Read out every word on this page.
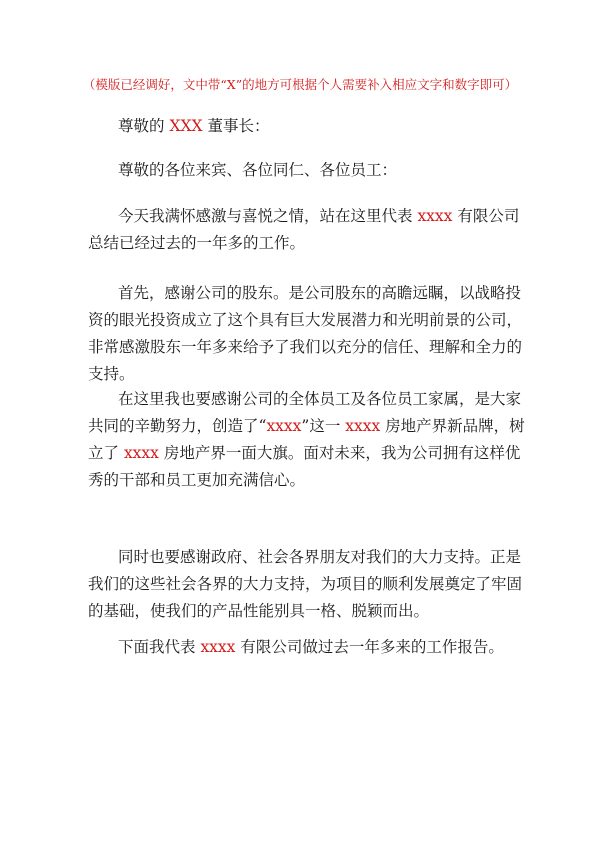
（模版已经调好，文中带“X”的地方可根据个人需要补入相应文字和数字即可）

尊敬的 XXX 董事长：

尊敬的各位来宾、各位同仁、各位员工：

今天我满怀感激与喜悦之情，站在这里代表 xxxx 有限公司总结已经过去的一年多的工作。

首先，感谢公司的股东。是公司股东的高瞻远瞩，以战略投资的眼光投资成立了这个具有巨大发展潜力和光明前景的公司，非常感激股东一年多来给予了我们以充分的信任、理解和全力的支持。

在这里我也要感谢公司的全体员工及各位员工家属，是大家共同的辛勤努力，创造了“xxxx”这一 xxxx 房地产界新品牌，树立了 xxxx 房地产界一面大旗。面对未来，我为公司拥有这样优秀的干部和员工更加充满信心。

同时也要感谢政府、社会各界朋友对我们的大力支持。正是我们的这些社会各界的大力支持，为项目的顺利发展奠定了牢固的基础，使我们的产品性能别具一格、脱颖而出。

下面我代表 xxxx 有限公司做过去一年多来的工作报告。
